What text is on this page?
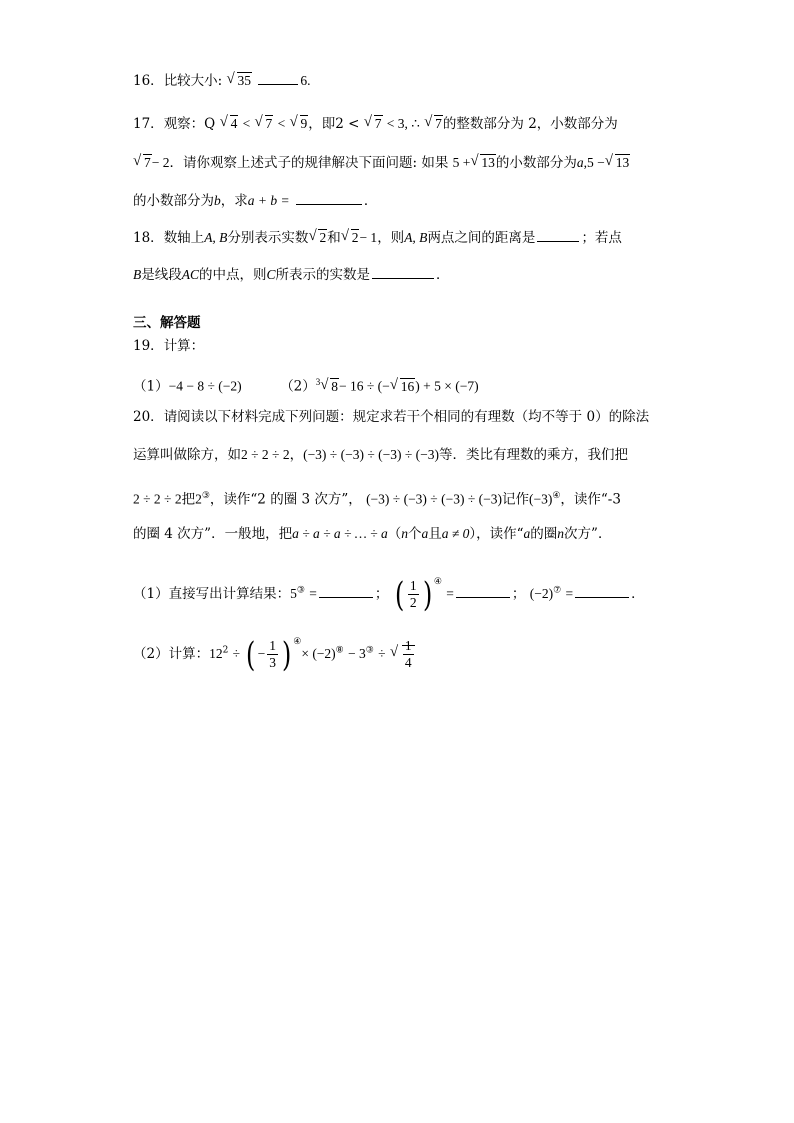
16．比较大小: √ 35	6.
17．观察：Q √ 4 < √ 7 < √ 9，即2 < √ 7 < 3, ∴ √ 7的整数部分为 2，小数部分为
√ 7− 2．请你观察上述式子的规律解决下面问题: 如果 5 +√ 13的小数部分为a,5 −√ 13
的小数部分为b，求a + b =	．
18．数轴上A, B分别表示实数√ 2和√ 2− 1，则A, B两点之间的距离是	；若点
B是线段AC的中点，则C所表示的实数是	．
三、解答题
19．计算：
（1）−4 − 8 ÷ (−2)	$(2)^3√$ 8− 16 ÷ (−√ 16) + 5 × (−7)
20．请阅读以下材料完成下列问题：规定求若干个相同的有理数（均不等于 0）的除法
运算叫做除方，如2 ÷ 2 ÷ 2，(−3) ÷ (−3) ÷ (−3) ÷ (−3)等．类比有理数的乘方，我们把
2 ÷ 2 ÷ 2把2③，读作“2 的圈 3 次方”， (−3) ÷ (−3) ÷ (−3) ÷ (−3)记作(−3)④，读作“-3
的圈 4 次方”．一般地，把a ÷ a ÷ a ÷ … ÷ a（n个a且a ≠ 0），读作“a的圈n次方”．
（1）直接写出计算结果：5③ =	； ( $\frac{1}{2}$ ) ④ =	； (−2)⑦ =	．
（2）计算：$12^2$ ÷ ( − $\frac{1}{3}$ ) ④× (−2)⑧ − 3③ ÷
√ $\frac{1}{4}$
